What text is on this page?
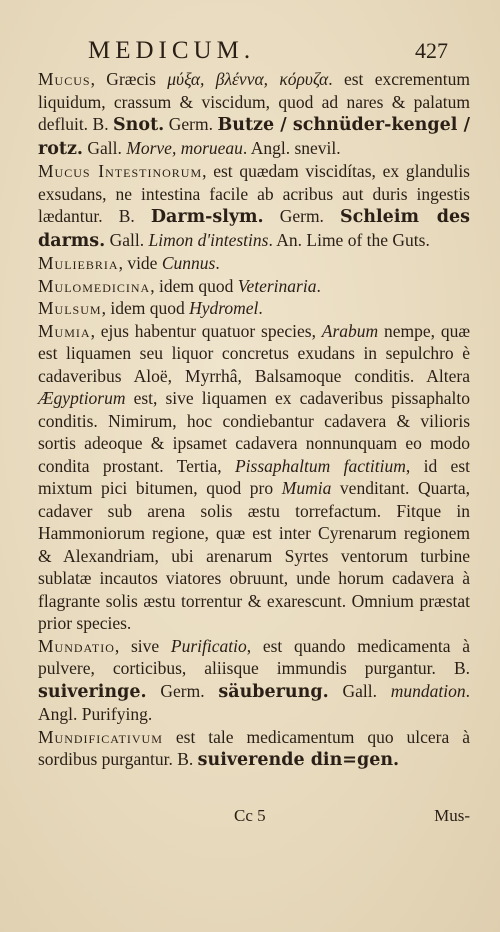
MEDICUM.	427

Mucus, Græcis μύξα, βλέννα, κόρυζα. est excrementum liquidum, crassum & viscidum, quod ad nares & palatum defluit. B. Snot. Germ. Butze / schnüder-kengel / rotz. Gall. Morve, morueau. Angl. snevil.

Mucus Intestinorum, est quædam viscidítas, ex glandulis exsudans, ne intestina facile ab acribus aut duris ingestis lædantur. B. Darm-slym. Germ. Schleim des darms. Gall. Limon d'intestins. An. Lime of the Guts.

Muliebria, vide Cunnus.

Mulomedicina, idem quod Veterinaria.

Mulsum, idem quod Hydromel.

Mumia, ejus habentur quatuor species, Arabum nempe, quæ est liquamen seu liquor concretus exudans in sepulchro è cadaveribus Aloë, Myrrhâ, Balsamoque conditis. Altera Ægyptiorum est, sive liquamen ex cadaveribus pissaphalto conditis. Nimirum, hoc condiebantur cadavera & vilioris sortis adeoque & ipsamet cadavera nonnunquam eo modo condita prostant. Tertia, Pissaphaltum factitium, id est mixtum pici bitumen, quod pro Mumia venditant. Quarta, cadaver sub arena solis æstu torrefactum. Fitque in Hammoniorum regione, quæ est inter Cyrenarum regionem & Alexandriam, ubi arenarum Syrtes ventorum turbine sublatæ incautos viatores obruunt, unde horum cadavera à flagrante solis æstu torrentur & exarescunt. Omnium præstat prior species.

Mundatio, sive Purificatio, est quando medicamenta à pulvere, corticibus, aliisque immundis purgantur. B. suiveringe. Germ. säuberung. Gall. mundation. Angl. Purifying.

Mundificativum est tale medicamentum quo ulcera à sordibus purgantur. B. suiverende din=gen.

Cc 5	Mus-
